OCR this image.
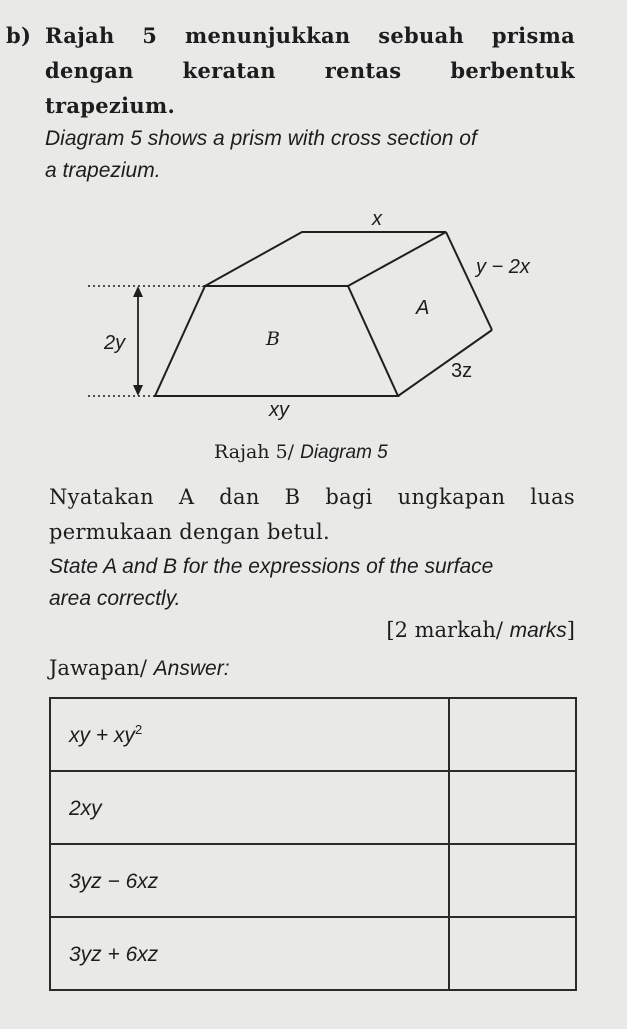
b) Rajah 5 menunjukkan sebuah prisma
dengan keratan rentas berbentuk
trapezium.
Diagram 5 shows a prism with cross section of
a trapezium.
x
y − 2x
A
B
2y
3z
xy
Rajah 5/ Diagram 5
Nyatakan A dan B bagi ungkapan luas
permukaan dengan betul.
State A and B for the expressions of the surface
area correctly.
[2 markah/ marks]
Jawapan/ Answer:
xy + $xy^2$	
2xy	
3yz − 6xz	
3yz + 6xz	
